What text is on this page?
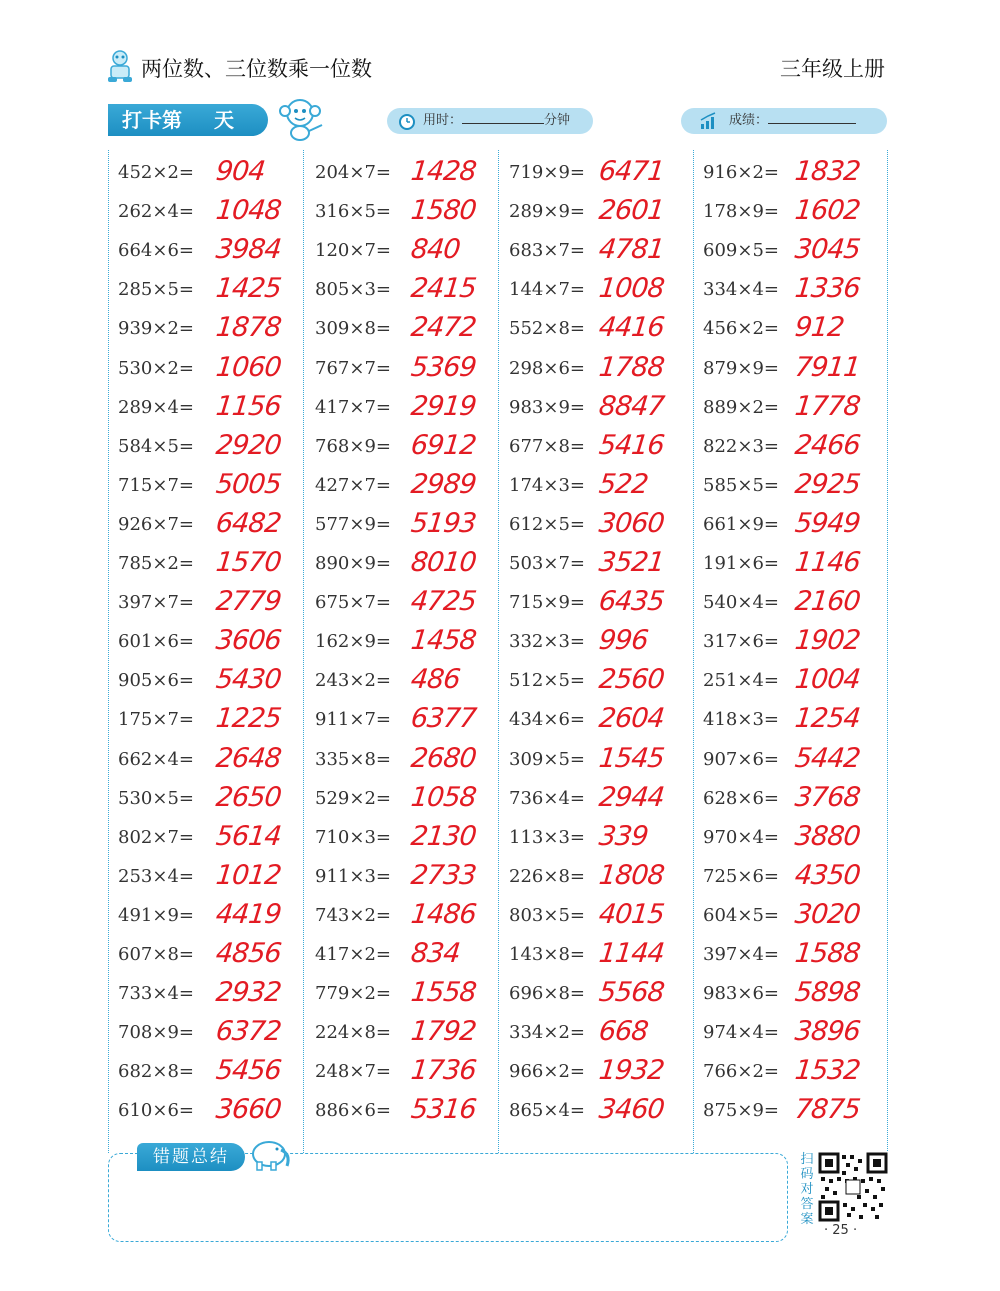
两位数、三位数乘一位数	三年级上册
打卡第 天	用时：	分钟	成绩：
452×2= 904
262×4= 1048
664×6= 3984
285×5= 1425
939×2= 1878
530×2= 1060
289×4= 1156
584×5= 2920
715×7= 5005
926×7= 6482
785×2= 1570
397×7= 2779
601×6= 3606
905×6= 5430
175×7= 1225
662×4= 2648
530×5= 2650
802×7= 5614
253×4= 1012
491×9= 4419
607×8= 4856
733×4= 2932
708×9= 6372
682×8= 5456
610×6= 3660
204×7= 1428
316×5= 1580
120×7= 840
805×3= 2415
309×8= 2472
767×7= 5369
417×7= 2919
768×9= 6912
427×7= 2989
577×9= 5193
890×9= 8010
675×7= 4725
162×9= 1458
243×2= 486
911×7= 6377
335×8= 2680
529×2= 1058
710×3= 2130
911×3= 2733
743×2= 1486
417×2= 834
779×2= 1558
224×8= 1792
248×7= 1736
886×6= 5316
719×9= 6471
289×9= 2601
683×7= 4781
144×7= 1008
552×8= 4416
298×6= 1788
983×9= 8847
677×8= 5416
174×3= 522
612×5= 3060
503×7= 3521
715×9= 6435
332×3= 996
512×5= 2560
434×6= 2604
309×5= 1545
736×4= 2944
113×3= 339
226×8= 1808
803×5= 4015
143×8= 1144
696×8= 5568
334×2= 668
966×2= 1932
865×4= 3460
916×2= 1832
178×9= 1602
609×5= 3045
334×4= 1336
456×2= 912
879×9= 7911
889×2= 1778
822×3= 2466
585×5= 2925
661×9= 5949
191×6= 1146
540×4= 2160
317×6= 1902
251×4= 1004
418×3= 1254
907×6= 5442
628×6= 3768
970×4= 3880
725×6= 4350
604×5= 3020
397×4= 1588
983×6= 5898
974×4= 3896
766×2= 1532
875×9= 7875
错题总结	扫码对答案
· 25 ·
